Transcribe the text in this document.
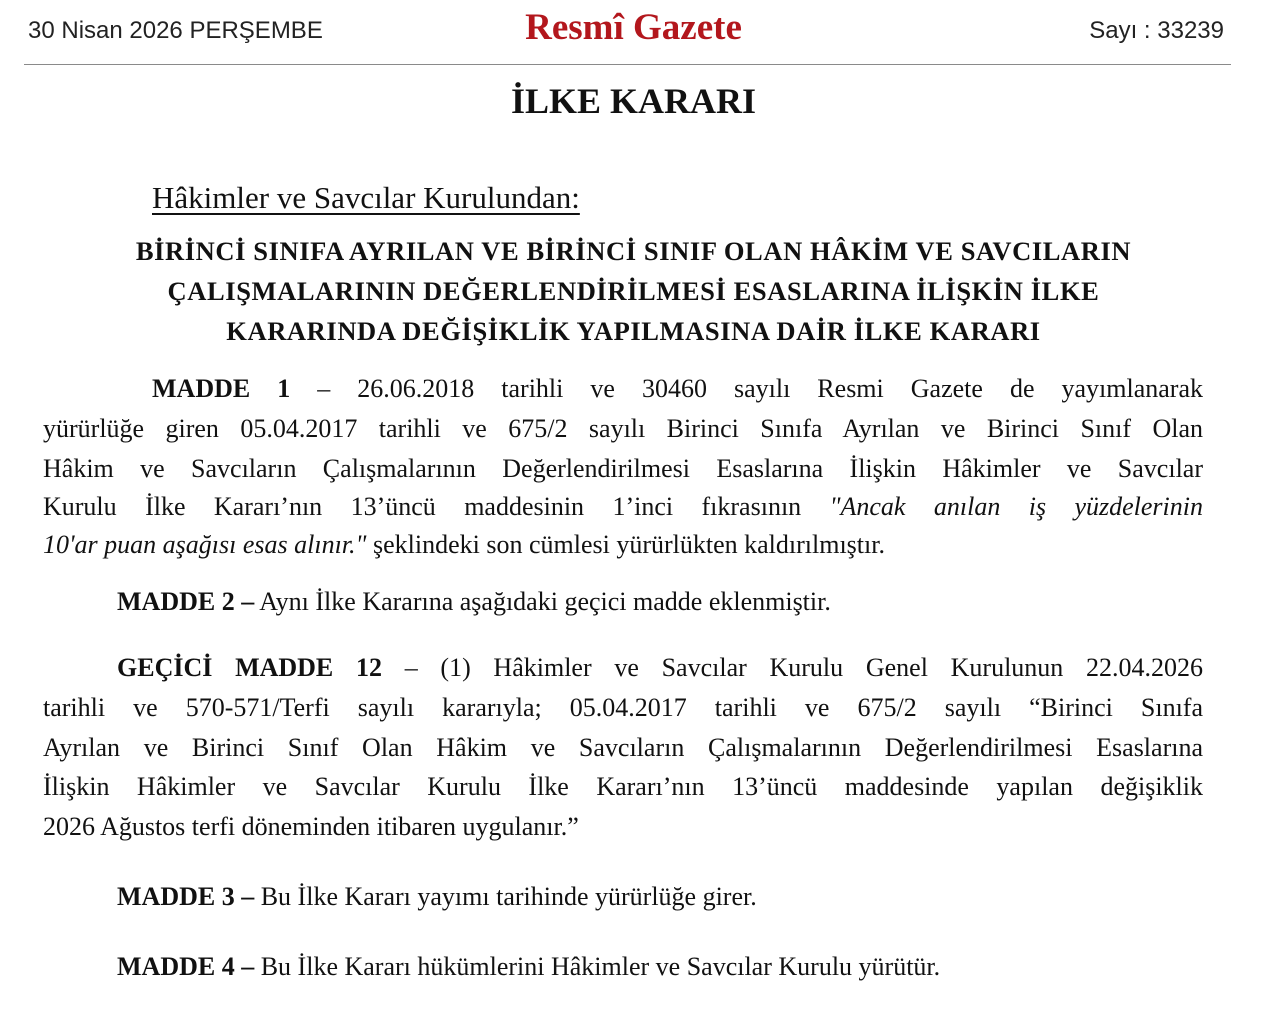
30 Nisan 2026 PERŞEMBE	Resmî Gazete	Sayı : 33239
İLKE KARARI
Hâkimler ve Savcılar Kurulundan:
BİRİNCİ SINIFA AYRILAN VE BİRİNCİ SINIF OLAN HÂKİM VE SAVCILARIN
ÇALIŞMALARININ DEĞERLENDİRİLMESİ ESASLARINA İLİŞKİN İLKE
KARARINDA DEĞİŞİKLİK YAPILMASINA DAİR İLKE KARARI
MADDE 1 – 26.06.2018 tarihli ve 30460 sayılı Resmi Gazete de yayımlanarak
yürürlüğe giren 05.04.2017 tarihli ve 675/2 sayılı Birinci Sınıfa Ayrılan ve Birinci Sınıf Olan
Hâkim ve Savcıların Çalışmalarının Değerlendirilmesi Esaslarına İlişkin Hâkimler ve Savcılar
Kurulu İlke Kararı’nın 13’üncü maddesinin 1’inci fıkrasının "Ancak anılan iş yüzdelerinin
10'ar puan aşağısı esas alınır." şeklindeki son cümlesi yürürlükten kaldırılmıştır.
MADDE 2 – Aynı İlke Kararına aşağıdaki geçici madde eklenmiştir.
GEÇİCİ MADDE 12 – (1) Hâkimler ve Savcılar Kurulu Genel Kurulunun 22.04.2026
tarihli ve 570-571/Terfi sayılı kararıyla; 05.04.2017 tarihli ve 675/2 sayılı “Birinci Sınıfa
Ayrılan ve Birinci Sınıf Olan Hâkim ve Savcıların Çalışmalarının Değerlendirilmesi Esaslarına
İlişkin Hâkimler ve Savcılar Kurulu İlke Kararı’nın 13’üncü maddesinde yapılan değişiklik
2026 Ağustos terfi döneminden itibaren uygulanır.”
MADDE 3 – Bu İlke Kararı yayımı tarihinde yürürlüğe girer.
MADDE 4 – Bu İlke Kararı hükümlerini Hâkimler ve Savcılar Kurulu yürütür.
